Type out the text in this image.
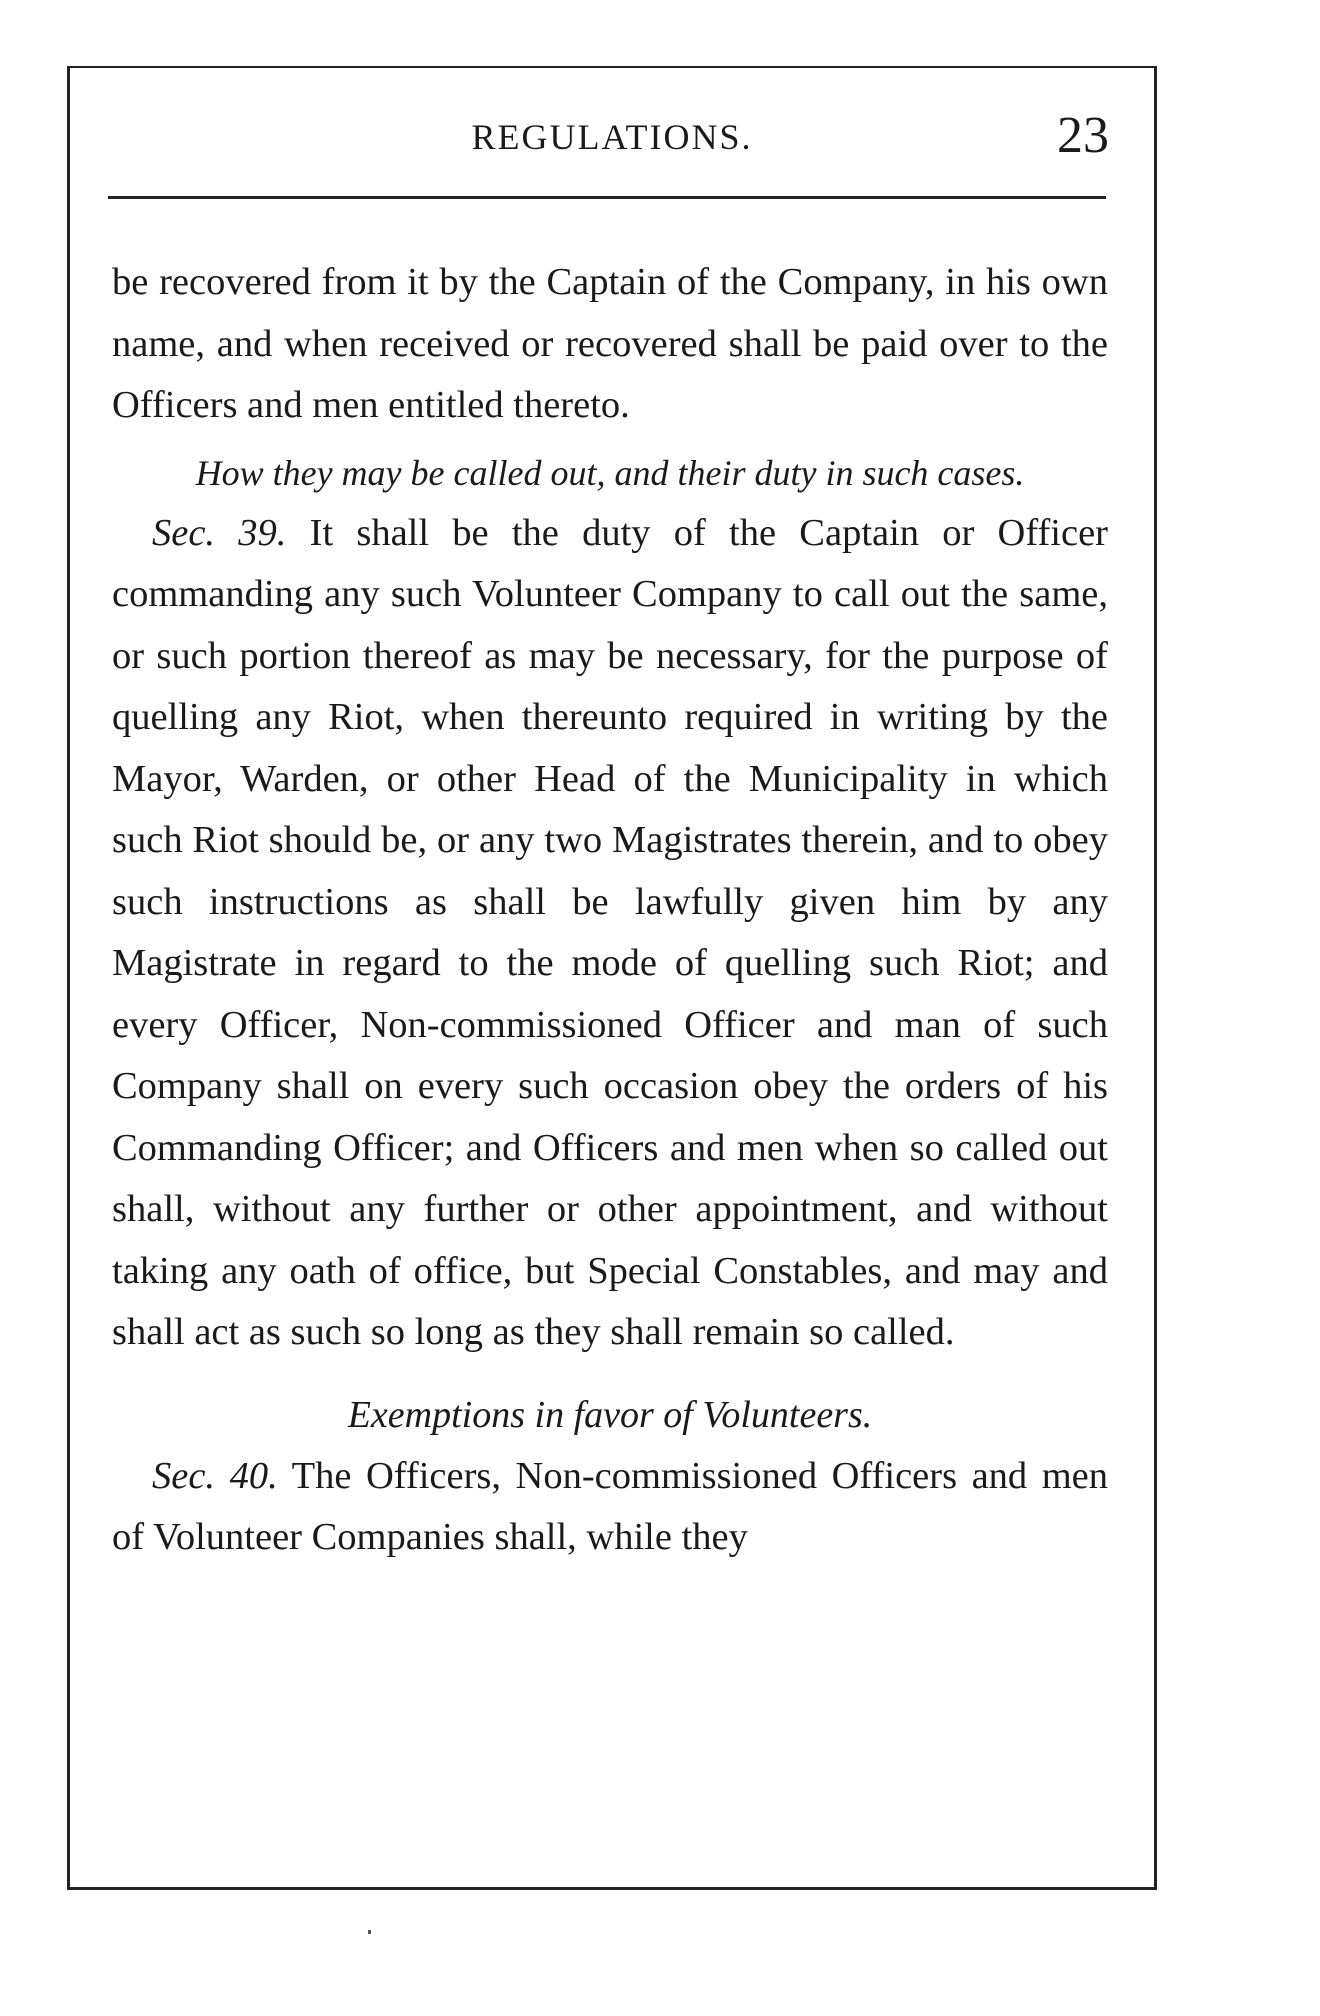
REGULATIONS.	23

be recovered from it by the Captain of the Company, in his own name, and when received or recovered shall be paid over to the Officers and men entitled thereto.

How they may be called out, and their duty in such cases.

Sec. 39. It shall be the duty of the Captain or Officer commanding any such Volunteer Company to call out the same, or such portion thereof as may be necessary, for the purpose of quelling any Riot, when thereunto required in writing by the Mayor, Warden, or other Head of the Municipality in which such Riot should be, or any two Magistrates therein, and to obey such instructions as shall be lawfully given him by any Magistrate in regard to the mode of quelling such Riot; and every Officer, Non-commissioned Officer and man of such Company shall on every such occasion obey the orders of his Commanding Officer; and Officers and men when so called out shall, without any further or other appointment, and without taking any oath of office, but Special Constables, and may and shall act as such so long as they shall remain so called.

Exemptions in favor of Volunteers.

Sec. 40. The Officers, Non-commissioned Officers and men of Volunteer Companies shall, while they
